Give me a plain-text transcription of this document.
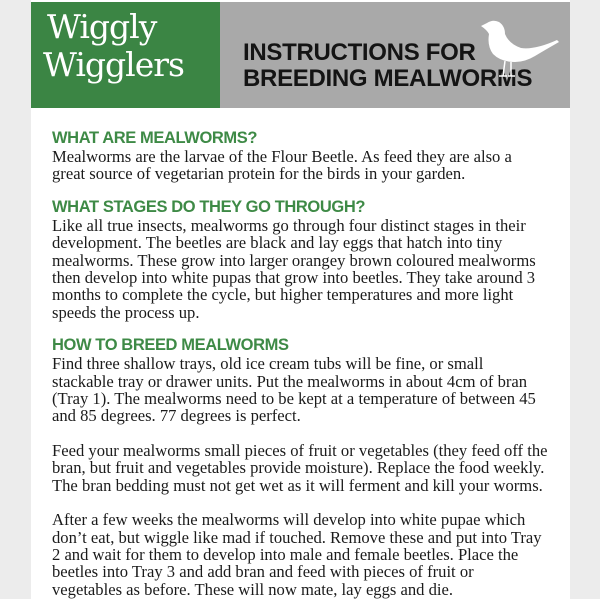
Wiggly
Wigglers INSTRUCTIONS FOR
BREEDING MEALWORMS
WHAT ARE MEALWORMS?
Mealworms are the larvae of the Flour Beetle. As feed they are also a
great source of vegetarian protein for the birds in your garden.
WHAT STAGES DO THEY GO THROUGH?
Like all true insects, mealworms go through four distinct stages in their
development. The beetles are black and lay eggs that hatch into tiny
mealworms. These grow into larger orangey brown coloured mealworms
then develop into white pupas that grow into beetles. They take around 3
months to complete the cycle, but higher temperatures and more light
speeds the process up.
HOW TO BREED MEALWORMS
Find three shallow trays, old ice cream tubs will be fine, or small
stackable tray or drawer units. Put the mealworms in about 4cm of bran
(Tray 1). The mealworms need to be kept at a temperature of between 45
and 85 degrees. 77 degrees is perfect.
Feed your mealworms small pieces of fruit or vegetables (they feed off the
bran, but fruit and vegetables provide moisture). Replace the food weekly.
The bran bedding must not get wet as it will ferment and kill your worms.
After a few weeks the mealworms will develop into white pupae which
don’t eat, but wiggle like mad if touched. Remove these and put into Tray
2 and wait for them to develop into male and female beetles. Place the
beetles into Tray 3 and add bran and feed with pieces of fruit or
vegetables as before. These will now mate, lay eggs and die.
